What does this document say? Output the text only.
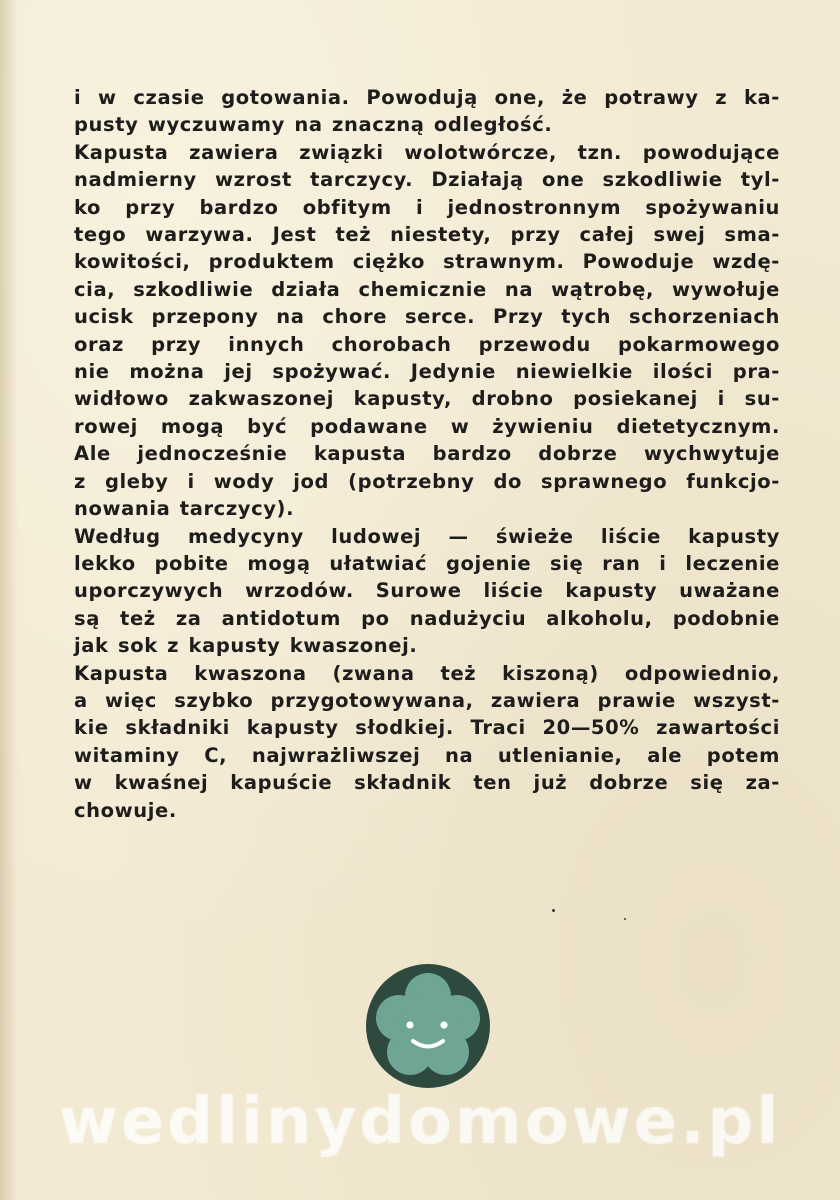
i w czasie gotowania. Powodują one, że potrawy z ka-
pusty wyczuwamy na znaczną odległość.
Kapusta zawiera związki wolotwórcze, tzn. powodujące
nadmierny wzrost tarczycy. Działają one szkodliwie tyl-
ko przy bardzo obfitym i jednostronnym spożywaniu
tego warzywa. Jest też niestety, przy całej swej sma-
kowitości, produktem ciężko strawnym. Powoduje wzdę-
cia, szkodliwie działa chemicznie na wątrobę, wywołuje
ucisk przepony na chore serce. Przy tych schorzeniach
oraz przy innych chorobach przewodu pokarmowego
nie można jej spożywać. Jedynie niewielkie ilości pra-
widłowo zakwaszonej kapusty, drobno posiekanej i su-
rowej mogą być podawane w żywieniu dietetycznym.
Ale jednocześnie kapusta bardzo dobrze wychwytuje
z gleby i wody jod (potrzebny do sprawnego funkcjo-
nowania tarczycy).
Według medycyny ludowej — świeże liście kapusty
lekko pobite mogą ułatwiać gojenie się ran i leczenie
uporczywych wrzodów. Surowe liście kapusty uważane
są też za antidotum po nadużyciu alkoholu, podobnie
jak sok z kapusty kwaszonej.
Kapusta kwaszona (zwana też kiszoną) odpowiednio,
a więc szybko przygotowywana, zawiera prawie wszyst-
kie składniki kapusty słodkiej. Traci 20—50% zawartości
witaminy C, najwrażliwszej na utlenianie, ale potem
w kwaśnej kapuście składnik ten już dobrze się za-
chowuje.
wedlinydomowe.pl
